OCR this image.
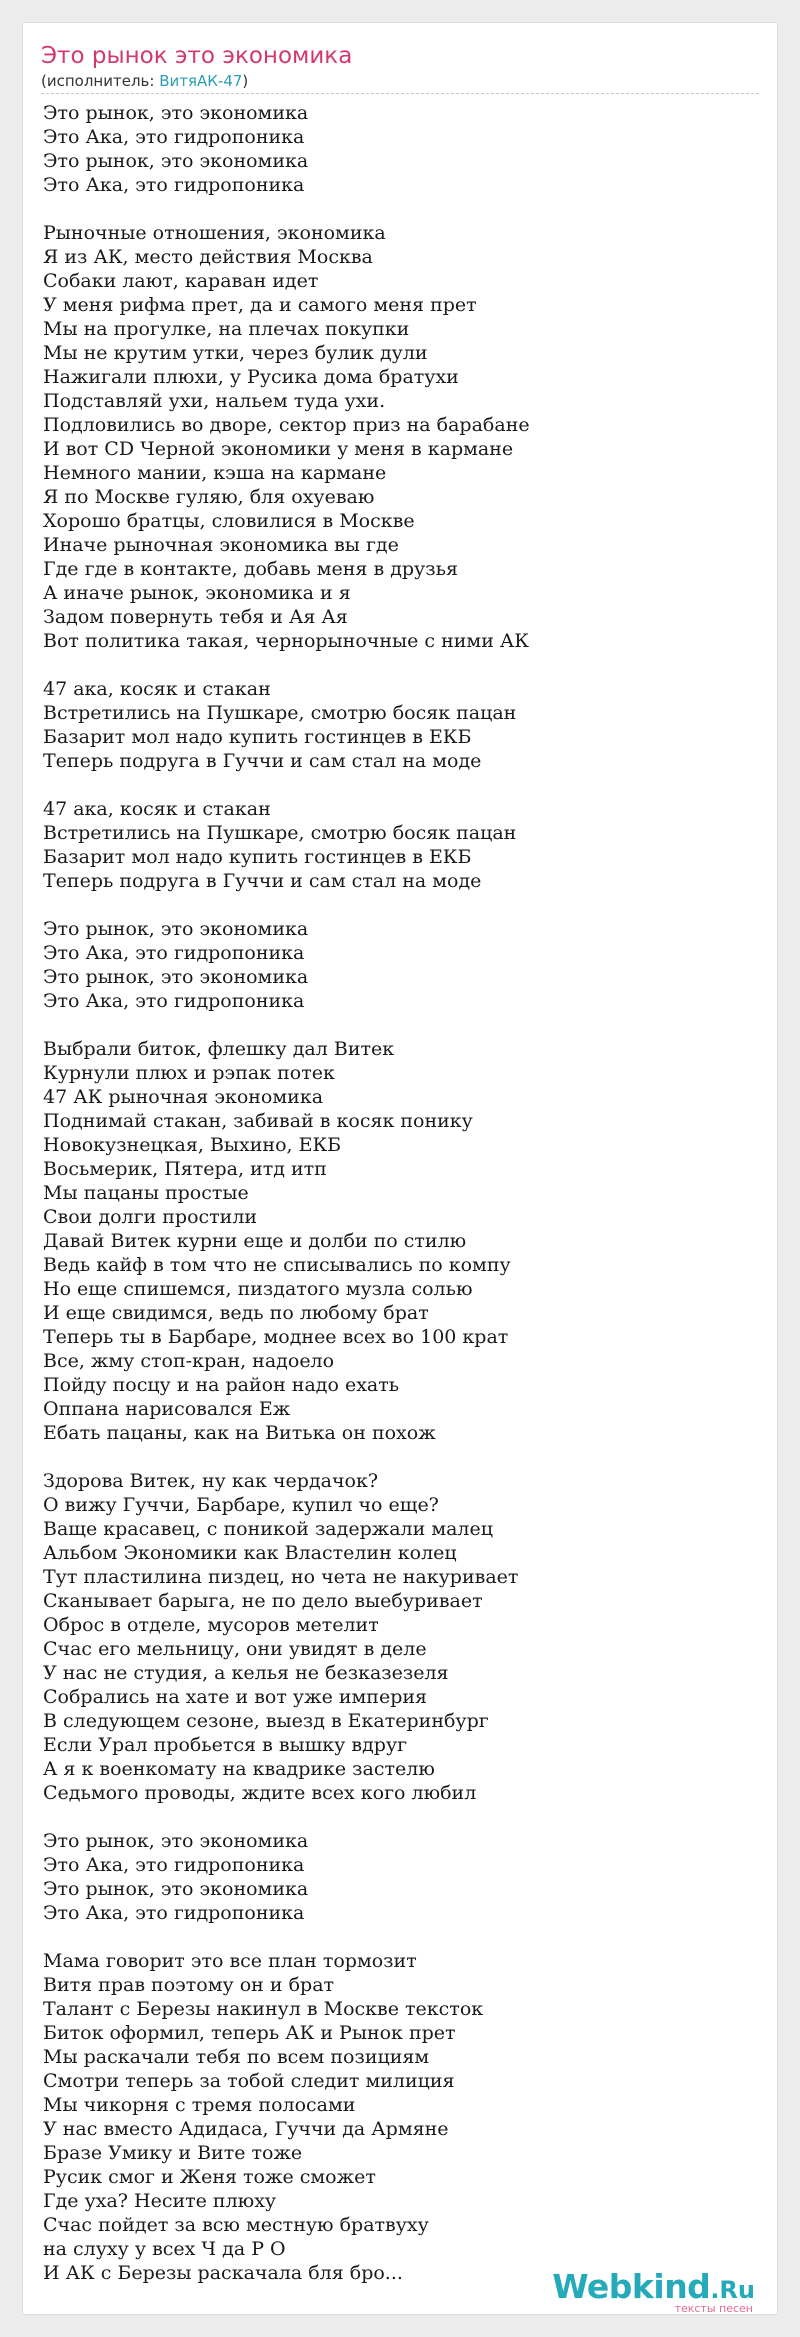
Это рынок это экономика
(исполнитель: ВитяАК-47)
Это рынок, это экономика
Это Ака, это гидропоника
Это рынок, это экономика
Это Ака, это гидропоника

Рыночные отношения, экономика
Я из АК, место действия Москва
Собаки лают, караван идет
У меня рифма прет, да и самого меня прет
Мы на прогулке, на плечах покупки
Мы не крутим утки, через булик дули
Нажигали плюхи, у Русика дома братухи
Подставляй ухи, нальем туда ухи.
Подловились во дворе, сектор приз на барабане
И вот CD Черной экономики у меня в кармане
Немного мании, кэша на кармане
Я по Москве гуляю, бля охуеваю
Хорошо братцы, словилися в Москве
Иначе рыночная экономика вы где
Где где в контакте, добавь меня в друзья
А иначе рынок, экономика и я
Задом повернуть тебя и Ая Ая
Вот политика такая, чернорыночные с ними АК

47 ака, косяк и стакан
Встретились на Пушкаре, смотрю босяк пацан
Базарит мол надо купить гостинцев в ЕКБ
Теперь подруга в Гуччи и сам стал на моде

47 ака, косяк и стакан
Встретились на Пушкаре, смотрю босяк пацан
Базарит мол надо купить гостинцев в ЕКБ
Теперь подруга в Гуччи и сам стал на моде

Это рынок, это экономика
Это Ака, это гидропоника
Это рынок, это экономика
Это Ака, это гидропоника

Выбрали биток, флешку дал Витек
Курнули плюх и рэпак потек
47 АК рыночная экономика
Поднимай стакан, забивай в косяк понику
Новокузнецкая, Выхино, ЕКБ
Восьмерик, Пятера, итд итп
Мы пацаны простые
Свои долги простили
Давай Витек курни еще и долби по стилю
Ведь кайф в том что не списывались по компу
Но еще спишемся, пиздатого музла солью
И еще свидимся, ведь по любому брат
Теперь ты в Барбаре, моднее всех во 100 крат
Все, жму стоп-кран, надоело
Пойду посцу и на район надо ехать
Оппана нарисовался Еж
Ебать пацаны, как на Витька он похож

Здорова Витек, ну как чердачок?
О вижу Гуччи, Барбаре, купил чо еще?
Ваще красавец, с поникой задержали малец
Альбом Экономики как Властелин колец
Тут пластилина пиздец, но чета не накуривает
Сканывает барыга, не по дело выебуривает
Оброс в отделе, мусоров метелит
Счас его мельницу, они увидят в деле
У нас не студия, а келья не безказезеля
Собрались на хате и вот уже империя
В следующем сезоне, выезд в Екатеринбург
Если Урал пробьется в вышку вдруг
А я к военкомату на квадрике застелю
Седьмого проводы, ждите всех кого любил

Это рынок, это экономика
Это Ака, это гидропоника
Это рынок, это экономика
Это Ака, это гидропоника

Мама говорит это все план тормозит
Витя прав поэтому он и брат
Талант с Березы накинул в Москве тексток
Биток оформил, теперь АК и Рынок прет
Мы раскачали тебя по всем позициям
Смотри теперь за тобой следит милиция
Мы чикорня с тремя полосами
У нас вместо Адидаса, Гуччи да Армяне
Бразе Умику и Вите тоже
Русик смог и Женя тоже сможет
Где уха? Несите плюху
Счас пойдет за всю местную братвуху
на слуху у всех Ч да Р О
И АК с Березы раскачала бля бро...	Webkind.Ru
тексты песен
